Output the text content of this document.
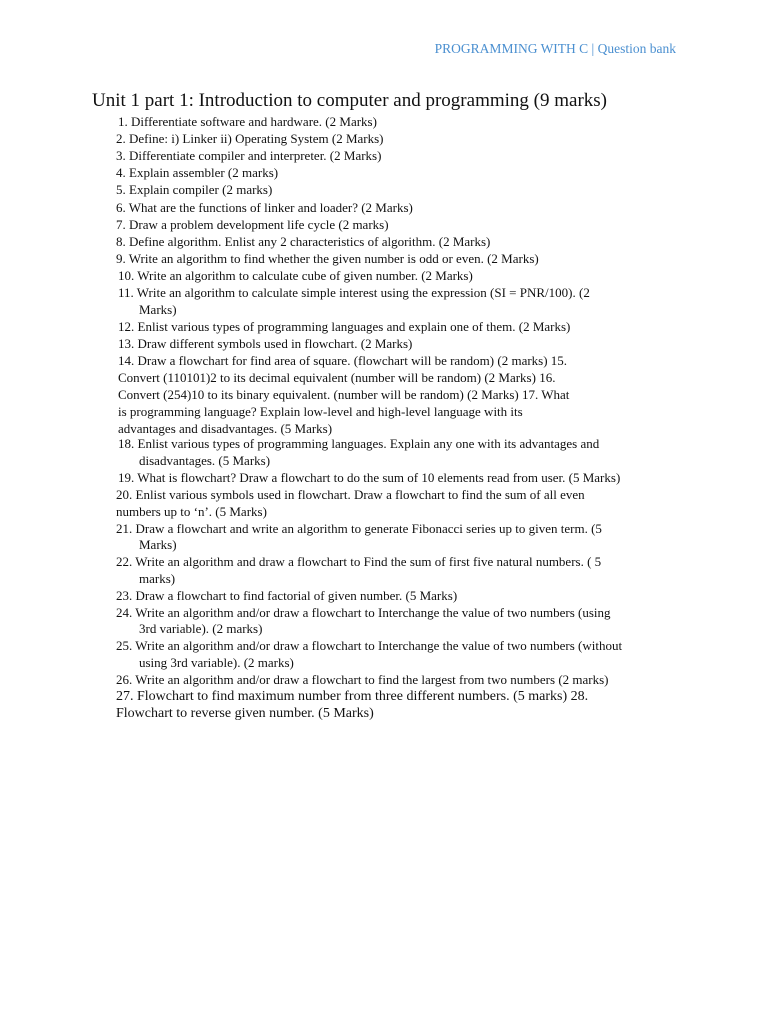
PROGRAMMING WITH C | Question bank
Unit 1 part 1: Introduction to computer and programming (9 marks)
1. Differentiate software and hardware. (2 Marks)
2. Define: i) Linker ii) Operating System (2 Marks)
3. Differentiate compiler and interpreter. (2 Marks)
4. Explain assembler (2 marks)
5. Explain compiler (2 marks)
6. What are the functions of linker and loader? (2 Marks)
7. Draw a problem development life cycle (2 marks)
8. Define algorithm. Enlist any 2 characteristics of algorithm. (2 Marks)
9. Write an algorithm to find whether the given number is odd or even. (2 Marks)
10. Write an algorithm to calculate cube of given number. (2 Marks)
11. Write an algorithm to calculate simple interest using the expression (SI = PNR/100). (2
Marks)
12. Enlist various types of programming languages and explain one of them. (2 Marks)
13. Draw different symbols used in flowchart. (2 Marks)
14. Draw a flowchart for find area of square. (flowchart will be random) (2 marks) 15.
Convert (110101)2 to its decimal equivalent (number will be random) (2 Marks) 16.
Convert (254)10 to its binary equivalent. (number will be random) (2 Marks) 17. What
is programming language? Explain low-level and high-level language with its
advantages and disadvantages. (5 Marks)
18. Enlist various types of programming languages. Explain any one with its advantages and
disadvantages. (5 Marks)
19. What is flowchart? Draw a flowchart to do the sum of 10 elements read from user. (5 Marks)
20. Enlist various symbols used in flowchart. Draw a flowchart to find the sum of all even
numbers up to ‘n’. (5 Marks)
21. Draw a flowchart and write an algorithm to generate Fibonacci series up to given term. (5
Marks)
22. Write an algorithm and draw a flowchart to Find the sum of first five natural numbers. ( 5
marks)
23. Draw a flowchart to find factorial of given number. (5 Marks)
24. Write an algorithm and/or draw a flowchart to Interchange the value of two numbers (using
3rd variable). (2 marks)
25. Write an algorithm and/or draw a flowchart to Interchange the value of two numbers (without
using 3rd variable). (2 marks)
26. Write an algorithm and/or draw a flowchart to find the largest from two numbers (2 marks)
27. Flowchart to find maximum number from three different numbers. (5 marks) 28.
Flowchart to reverse given number. (5 Marks)
